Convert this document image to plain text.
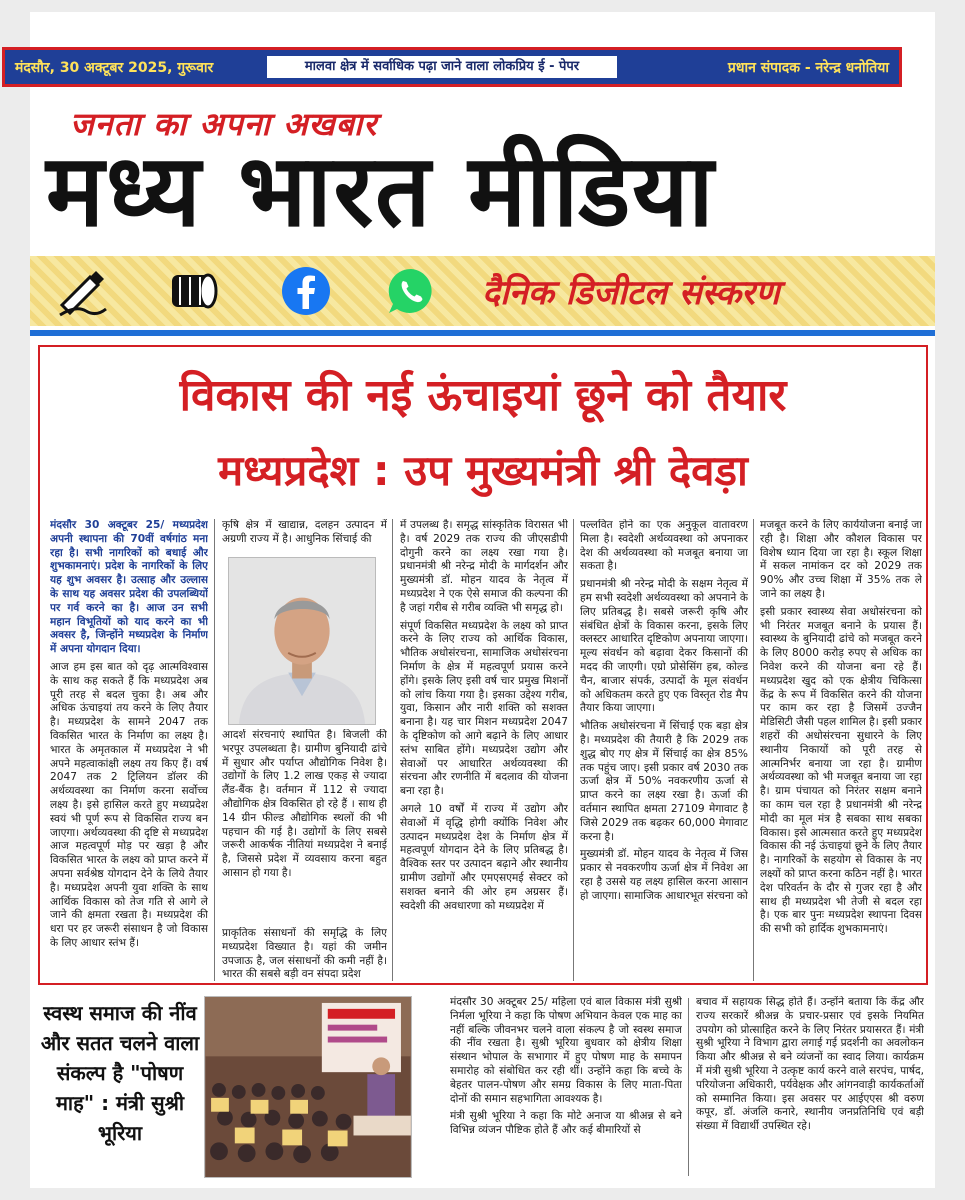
मंदसौर, 30 अक्टूबर 2025, गुरूवार	मालवा क्षेत्र में सर्वाधिक पढ़ा जाने वाला लोकप्रिय ई - पेपर	प्रधान संपादक - नरेन्द्र धनोतिया
जनता का अपना अखबार
मध्य भारत मीडिया
दैनिक डिजीटल संस्करण
विकास की नई ऊंचाइयां छूने को तैयार
मध्यप्रदेश : उप मुख्यमंत्री श्री देवड़ा

मंदसौर 30 अक्टूबर 25/ मध्यप्रदेश अपनी स्थापना की 70वीं वर्षगांठ मना रहा है। सभी नागरिकों को बधाई और शुभकामनाएं। प्रदेश के नागरिकों के लिए यह शुभ अवसर है। उत्साह और उल्लास के साथ यह अवसर प्रदेश की उपलब्धियों पर गर्व करने का है। आज उन सभी महान विभूतियों को याद करने का भी अवसर है, जिन्होंने मध्यप्रदेश के निर्माण में अपना योगदान दिया।

आज हम इस बात को दृढ़ आत्मविश्वास के साथ कह सकते हैं कि मध्यप्रदेश अब पूरी तरह से बदल चुका है। अब और अधिक ऊंचाइयां तय करने के लिए तैयार है। मध्यप्रदेश के सामने 2047 तक विकसित भारत के निर्माण का लक्ष्य है। भारत के अमृतकाल में मध्यप्रदेश ने भी अपने महत्वाकांक्षी लक्ष्य तय किए हैं। वर्ष 2047 तक 2 ट्रिलियन डॉलर की अर्थव्यवस्था का निर्माण करना सर्वोच्च लक्ष्य है। इसे हासिल करते हुए मध्यप्रदेश स्वयं भी पूर्ण रूप से विकसित राज्य बन जाएगा। अर्थव्यवस्था की दृष्टि से मध्यप्रदेश आज महत्वपूर्ण मोड़ पर खड़ा है और विकसित भारत के लक्ष्य को प्राप्त करने में अपना सर्वश्रेष्ठ योगदान देने के लिये तैयार है। मध्यप्रदेश अपनी युवा शक्ति के साथ आर्थिक विकास को तेज गति से आगे ले जाने की क्षमता रखता है। मध्यप्रदेश की धरा पर हर जरूरी संसाधन है जो विकास के लिए आधार स्तंभ हैं।

कृषि क्षेत्र में खाद्यान्न, दलहन उत्पादन में अग्रणी राज्य में है। आधुनिक सिंचाई की

आदर्श संरचनाएं स्थापित है। बिजली की भरपूर उपलब्धता है। ग्रामीण बुनियादी ढांचे में सुधार और पर्याप्त औद्योगिक निवेश है। उद्योगों के लिए 1.2 लाख एकड़ से ज्यादा लैंड-बैंक है। वर्तमान में 112 से ज्यादा औद्योगिक क्षेत्र विकसित हो रहे हैं । साथ ही 14 ग्रीन फील्ड औद्योगिक स्थलों की भी पहचान की गई है। उद्योगों के लिए सबसे जरूरी आकर्षक नीतियां मध्यप्रदेश ने बनाई है, जिससे प्रदेश में व्यवसाय करना बहुत आसान हो गया है।

प्राकृतिक संसाधनों की समृद्धि के लिए मध्यप्रदेश विख्यात है। यहां की जमीन उपजाऊ है, जल संसाधनों की कमी नहीं है। भारत की सबसे बड़ी वन संपदा प्रदेश

में उपलब्ध है। समृद्ध सांस्कृतिक विरासत भी है। वर्ष 2029 तक राज्य की जीएसडीपी दोगुनी करने का लक्ष्य रखा गया है। प्रधानमंत्री श्री नरेन्द्र मोदी के मार्गदर्शन और मुख्यमंत्री डॉ. मोहन यादव के नेतृत्व में मध्यप्रदेश ने एक ऐसे समाज की कल्पना की है जहां गरीब से गरीब व्यक्ति भी समृद्ध हो।

संपूर्ण विकसित मध्यप्रदेश के लक्ष्य को प्राप्त करने के लिए राज्य को आर्थिक विकास, भौतिक अधोसंरचना, सामाजिक अधोसंरचना निर्माण के क्षेत्र में महत्वपूर्ण प्रयास करने होंगे। इसके लिए इसी वर्ष चार प्रमुख मिशनों को लांच किया गया है। इसका उद्देश्य गरीब, युवा, किसान और नारी शक्ति को सशक्त बनाना है। यह चार मिशन मध्यप्रदेश 2047 के दृष्टिकोण को आगे बढ़ाने के लिए आधार स्तंभ साबित होंगे। मध्यप्रदेश उद्योग और सेवाओं पर आधारित अर्थव्यवस्था की संरचना और रणनीति में बदलाव की योजना बना रहा है।

अगले 10 वर्षों में राज्य में उद्योग और सेवाओं में वृद्धि होगी क्योंकि निवेश और उत्पादन मध्यप्रदेश देश के निर्माण क्षेत्र में महत्वपूर्ण योगदान देने के लिए प्रतिबद्ध है। वैश्विक स्तर पर उत्पादन बढ़ाने और स्थानीय ग्रामीण उद्योगों और एमएसएमई सेक्टर को सशक्त बनाने की ओर हम अग्रसर हैं। स्वदेशी की अवधारणा को मध्यप्रदेश में

पल्लवित होने का एक अनुकूल वातावरण मिला है। स्वदेशी अर्थव्यवस्था को अपनाकर देश की अर्थव्यवस्था को मजबूत बनाया जा सकता है।

प्रधानमंत्री श्री नरेन्द्र मोदी के सक्षम नेतृत्व में हम सभी स्वदेशी अर्थव्यवस्था को अपनाने के लिए प्रतिबद्ध है। सबसे जरूरी कृषि और संबंधित क्षेत्रों के विकास करना, इसके लिए क्लस्टर आधारित दृष्टिकोण अपनाया जाएगा। मूल्य संवर्धन को बढ़ावा देकर किसानों की मदद की जाएगी। एग्रो प्रोसेसिंग हब, कोल्ड चैन, बाजार संपर्क, उत्पादों के मूल संवर्धन को अधिकतम करते हुए एक विस्तृत रोड मैप तैयार किया जाएगा।

भौतिक अधोसंरचना में सिंचाई एक बड़ा क्षेत्र है। मध्यप्रदेश की तैयारी है कि 2029 तक शुद्ध बोए गए क्षेत्र में सिंचाई का क्षेत्र 85% तक पहुंच जाए। इसी प्रकार वर्ष 2030 तक ऊर्जा क्षेत्र में 50% नवकरणीय ऊर्जा से प्राप्त करने का लक्ष्य रखा है। ऊर्जा की वर्तमान स्थापित क्षमता 27109 मेगावाट है जिसे 2029 तक बढ़कर 60,000 मेगावाट करना है।

मुख्यमंत्री डॉ. मोहन यादव के नेतृत्व में जिस प्रकार से नवकरणीय ऊर्जा क्षेत्र में निवेश आ रहा है उससे यह लक्ष्य हासिल करना आसान हो जाएगा। सामाजिक आधारभूत संरचना को

मजबूत करने के लिए कार्ययोजना बनाई जा रही है। शिक्षा और कौशल विकास पर विशेष ध्यान दिया जा रहा है। स्कूल शिक्षा में सकल नामांकन दर को 2029 तक 90% और उच्च शिक्षा में 35% तक ले जाने का लक्ष्य है।

इसी प्रकार स्वास्थ्य सेवा अधोसंरचना को भी निरंतर मजबूत बनाने के प्रयास हैं। स्वास्थ्य के बुनियादी ढांचे को मजबूत करने के लिए 8000 करोड़ रुपए से अधिक का निवेश करने की योजना बना रहे हैं। मध्यप्रदेश खुद को एक क्षेत्रीय चिकित्सा केंद्र के रूप में विकसित करने की योजना पर काम कर रहा है जिसमें उज्जैन मेडिसिटी जैसी पहल शामिल है। इसी प्रकार शहरों की अधोसंरचना सुधारने के लिए स्थानीय निकायों को पूरी तरह से आत्मनिर्भर बनाया जा रहा है। ग्रामीण अर्थव्यवस्था को भी मजबूत बनाया जा रहा है। ग्राम पंचायत को निरंतर सक्षम बनाने का काम चल रहा है प्रधानमंत्री श्री नरेन्द्र मोदी का मूल मंत्र है सबका साथ सबका विकास। इसे आत्मसात करते हुए मध्यप्रदेश विकास की नई ऊंचाइयां छूने के लिए तैयार है। नागरिकों के सहयोग से विकास के नए लक्ष्यों को प्राप्त करना कठिन नहीं है। भारत देश परिवर्तन के दौर से गुजर रहा है और साथ ही मध्यप्रदेश भी तेजी से बदल रहा है। एक बार पुनः मध्यप्रदेश स्थापना दिवस की सभी को हार्दिक शुभकामनाएं।

स्वस्थ समाज की नींव और सतत चलने वाला संकल्प है "पोषण माह" : मंत्री सुश्री भूरिया

मंदसौर 30 अक्टूबर 25/ महिला एवं बाल विकास मंत्री सुश्री निर्मला भूरिया ने कहा कि पोषण अभियान केवल एक माह का नहीं बल्कि जीवनभर चलने वाला संकल्प है जो स्वस्थ समाज की नींव रखता है। सुश्री भूरिया बुधवार को क्षेत्रीय शिक्षा संस्थान भोपाल के सभागार में हुए पोषण माह के समापन समारोह को संबोधित कर रही थीं। उन्होंने कहा कि बच्चे के बेहतर पालन-पोषण और समग्र विकास के लिए माता-पिता दोनों की समान सहभागिता आवश्यक है।

मंत्री सुश्री भूरिया ने कहा कि मोटे अनाज या श्रीअन्न से बने विभिन्न व्यंजन पौष्टिक होते हैं और कई बीमारियों से

बचाव में सहायक सिद्ध होते हैं। उन्होंने बताया कि केंद्र और राज्य सरकारें श्रीअन्न के प्रचार-प्रसार एवं इसके नियमित उपयोग को प्रोत्साहित करने के लिए निरंतर प्रयासरत हैं। मंत्री सुश्री भूरिया ने विभाग द्वारा लगाई गई प्रदर्शनी का अवलोकन किया और श्रीअन्न से बने व्यंजनों का स्वाद लिया। कार्यक्रम में मंत्री सुश्री भूरिया ने उत्कृष्ट कार्य करने वाले सरपंच, पार्षद, परियोजना अधिकारी, पर्यवेक्षक और आंगनवाड़ी कार्यकर्ताओं को सम्मानित किया। इस अवसर पर आईएएस श्री वरुण कपूर, डॉ. अंजलि कनारे, स्थानीय जनप्रतिनिधि एवं बड़ी संख्या में विद्यार्थी उपस्थित रहे।
